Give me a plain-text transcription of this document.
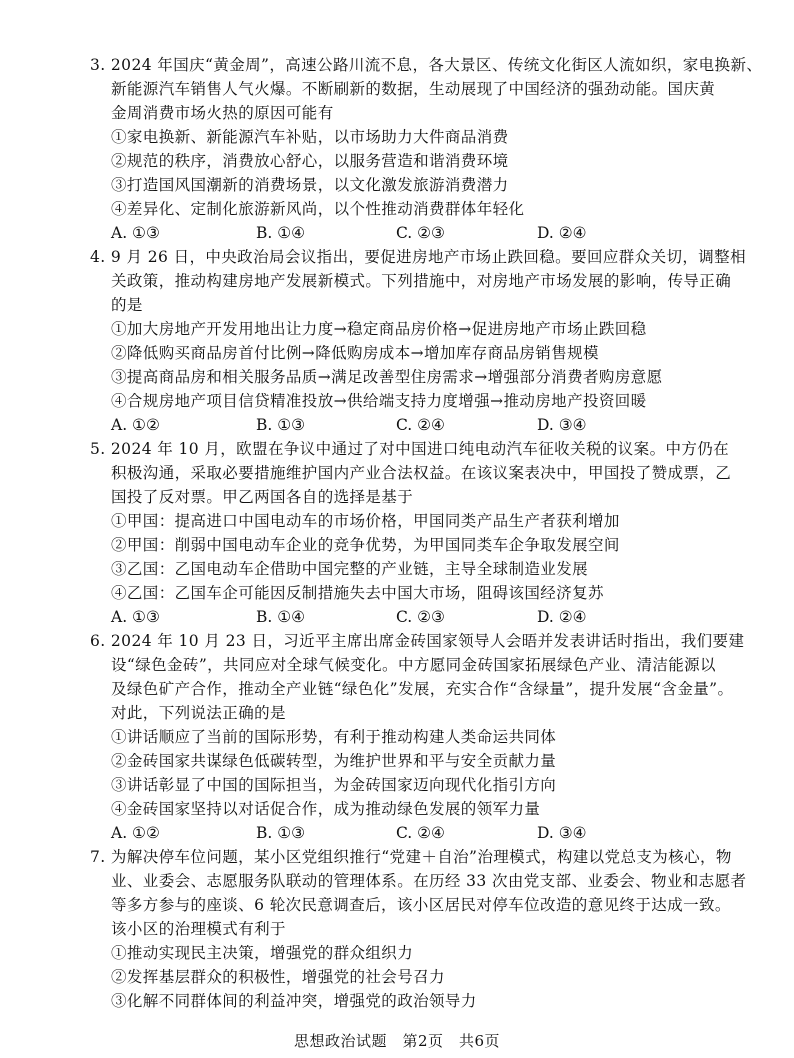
3. 2024 年国庆“黄金周”，高速公路川流不息，各大景区、传统文化街区人流如织，家电换新、
新能源汽车销售人气火爆。不断刷新的数据，生动展现了中国经济的强劲动能。国庆黄
金周消费市场火热的原因可能有
①家电换新、新能源汽车补贴，以市场助力大件商品消费
②规范的秩序，消费放心舒心，以服务营造和谐消费环境
③打造国风国潮新的消费场景，以文化激发旅游消费潜力
④差异化、定制化旅游新风尚，以个性推动消费群体年轻化
A. ①③	B. ①④	C. ②③	D. ②④
4. 9 月 26 日，中央政治局会议指出，要促进房地产市场止跌回稳。要回应群众关切，调整相
关政策，推动构建房地产发展新模式。下列措施中，对房地产市场发展的影响，传导正确
的是
①加大房地产开发用地出让力度→稳定商品房价格→促进房地产市场止跌回稳
②降低购买商品房首付比例→降低购房成本→增加库存商品房销售规模
③提高商品房和相关服务品质→满足改善型住房需求→增强部分消费者购房意愿
④合规房地产项目信贷精准投放→供给端支持力度增强→推动房地产投资回暖
A. ①②	B. ①③	C. ②④	D. ③④
5. 2024 年 10 月，欧盟在争议中通过了对中国进口纯电动汽车征收关税的议案。中方仍在
积极沟通，采取必要措施维护国内产业合法权益。在该议案表决中，甲国投了赞成票，乙
国投了反对票。甲乙两国各自的选择是基于
①甲国：提高进口中国电动车的市场价格，甲国同类产品生产者获利增加
②甲国：削弱中国电动车企业的竞争优势，为甲国同类车企争取发展空间
③乙国：乙国电动车企借助中国完整的产业链，主导全球制造业发展
④乙国：乙国车企可能因反制措施失去中国大市场，阻碍该国经济复苏
A. ①③	B. ①④	C. ②③	D. ②④
6. 2024 年 10 月 23 日，习近平主席出席金砖国家领导人会晤并发表讲话时指出，我们要建
设“绿色金砖”，共同应对全球气候变化。中方愿同金砖国家拓展绿色产业、清洁能源以
及绿色矿产合作，推动全产业链“绿色化”发展，充实合作“含绿量”，提升发展“含金量”。
对此，下列说法正确的是
①讲话顺应了当前的国际形势，有利于推动构建人类命运共同体
②金砖国家共谋绿色低碳转型，为维护世界和平与安全贡献力量
③讲话彰显了中国的国际担当，为金砖国家迈向现代化指引方向
④金砖国家坚持以对话促合作，成为推动绿色发展的领军力量
A. ①②	B. ①③	C. ②④	D. ③④
7. 为解决停车位问题，某小区党组织推行“党建＋自治”治理模式，构建以党总支为核心，物
业、业委会、志愿服务队联动的管理体系。在历经 33 次由党支部、业委会、物业和志愿者
等多方参与的座谈、6 轮次民意调查后，该小区居民对停车位改造的意见终于达成一致。
该小区的治理模式有利于
①推动实现民主决策，增强党的群众组织力
②发挥基层群众的积极性，增强党的社会号召力
③化解不同群体间的利益冲突，增强党的政治领导力
思想政治试题　第2页　共6页
